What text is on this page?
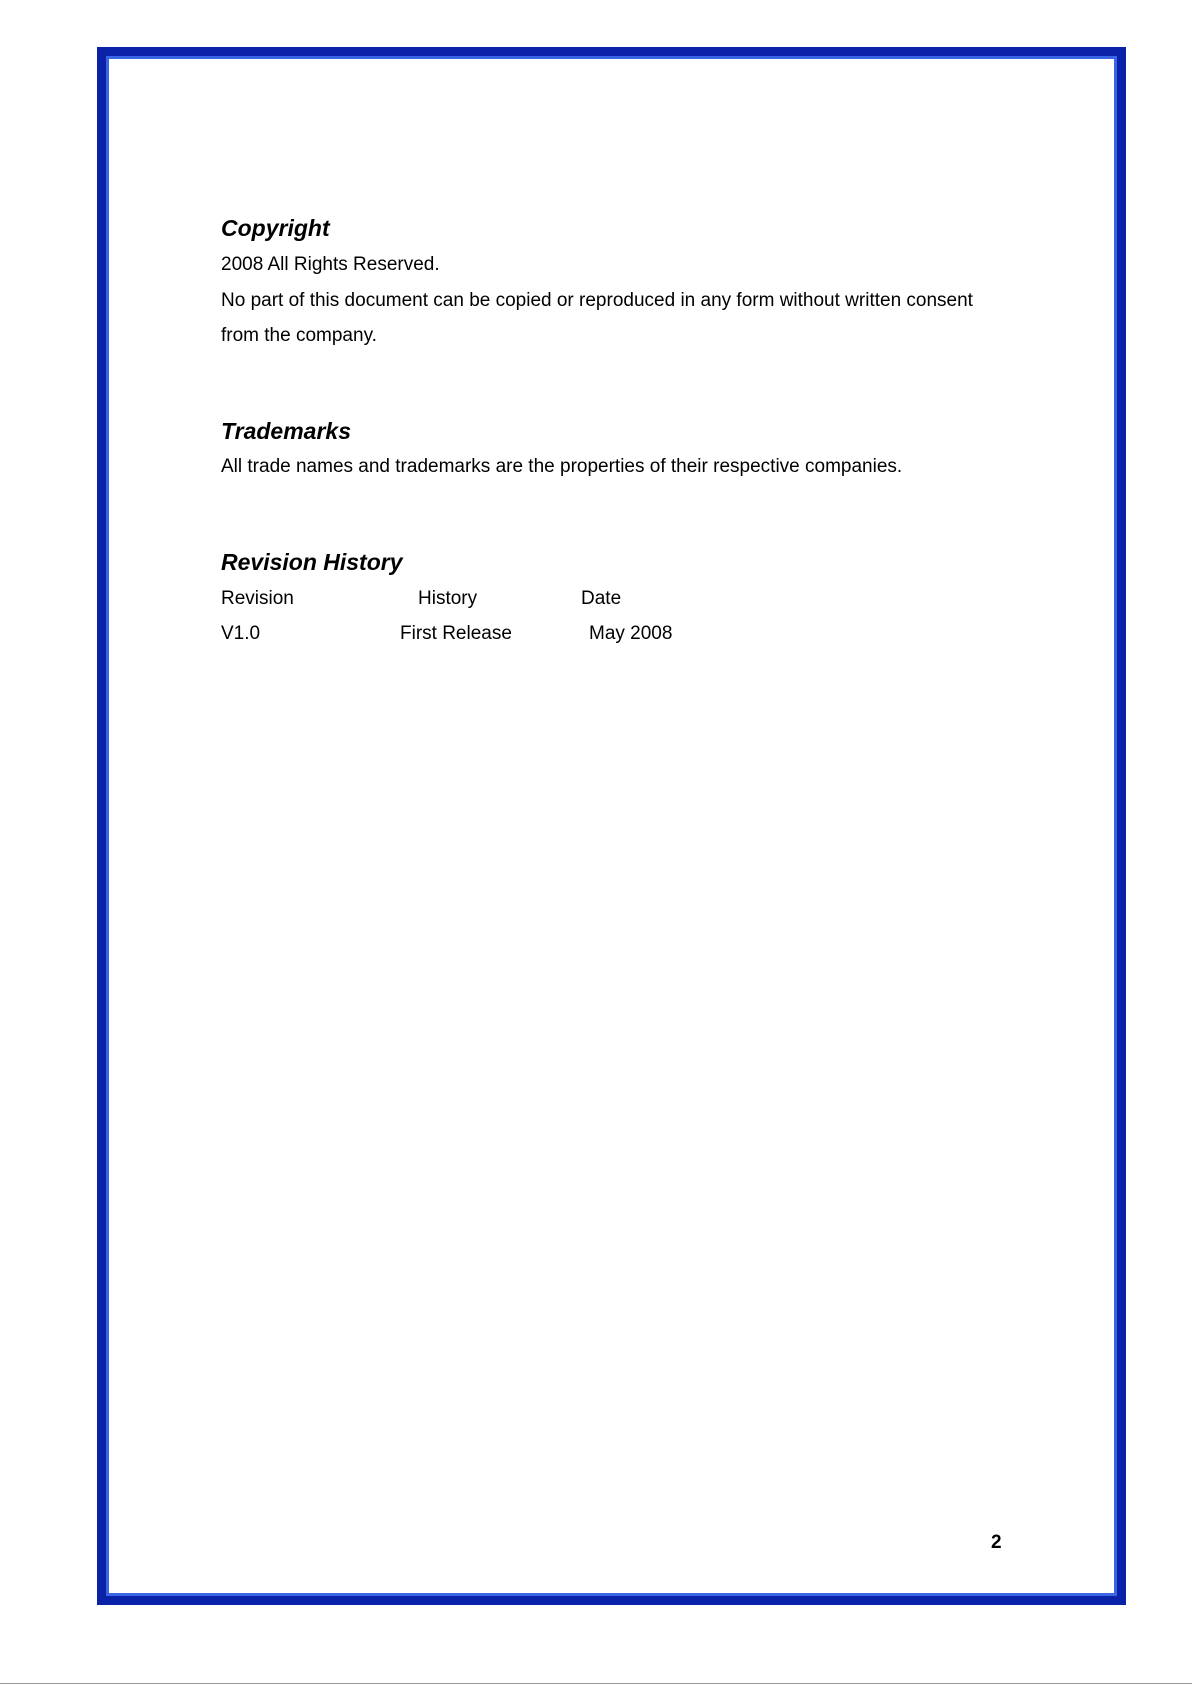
Copyright
2008 All Rights Reserved.
No part of this document can be copied or reproduced in any form without written consent
from the company.
Trademarks
All trade names and trademarks are the properties of their respective companies.
Revision History
Revision	History	Date
V1.0	First Release	May 2008
2
